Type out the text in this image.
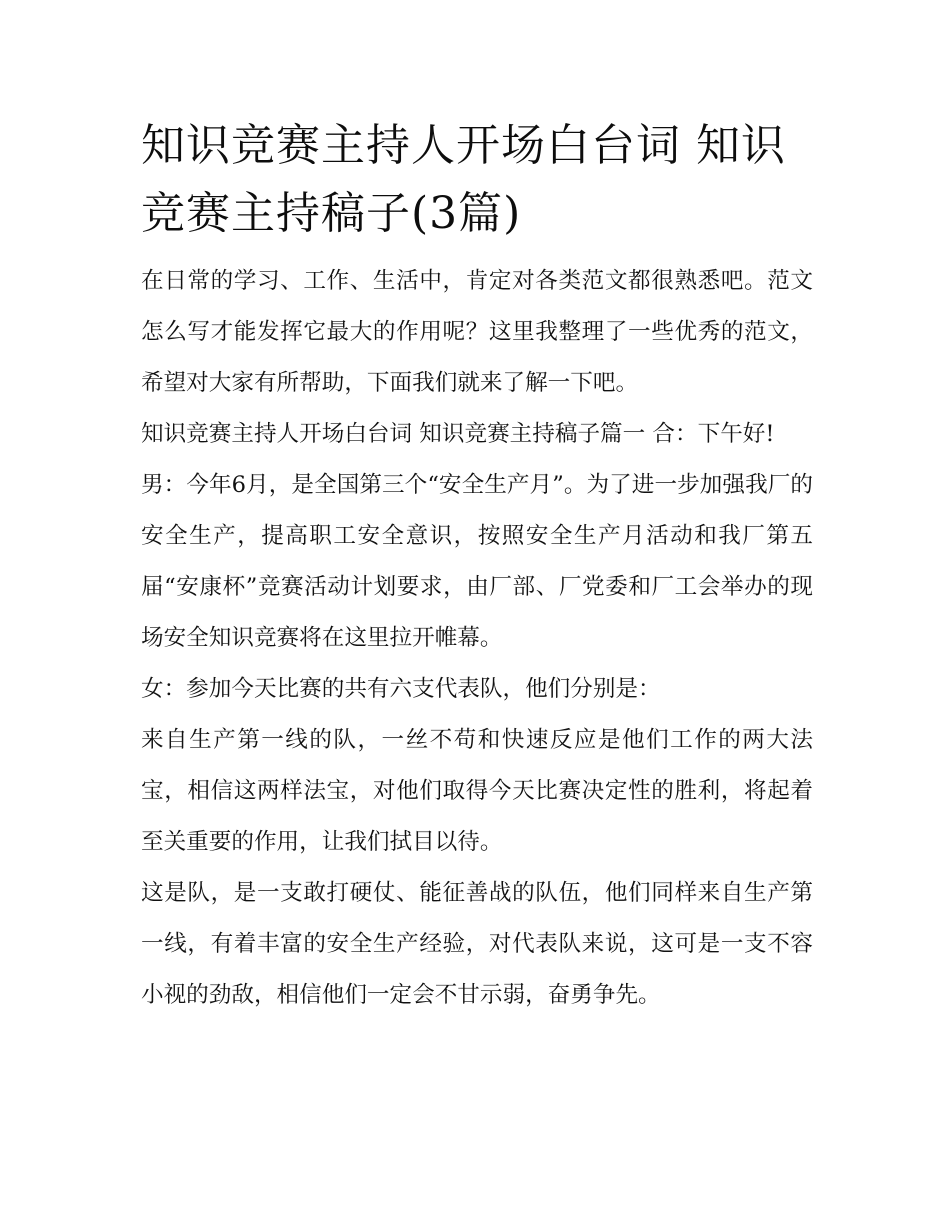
知识竞赛主持人开场白台词 知识竞赛主持稿子(3篇)

在日常的学习、工作、生活中，肯定对各类范文都很熟悉吧。范文怎么写才能发挥它最大的作用呢？这里我整理了一些优秀的范文，希望对大家有所帮助，下面我们就来了解一下吧。

知识竞赛主持人开场白台词 知识竞赛主持稿子篇一 合：下午好!

男：今年6月，是全国第三个“安全生产月”。为了进一步加强我厂的安全生产，提高职工安全意识，按照安全生产月活动和我厂第五届“安康杯”竞赛活动计划要求，由厂部、厂党委和厂工会举办的现场安全知识竞赛将在这里拉开帷幕。

女：参加今天比赛的共有六支代表队，他们分别是：

来自生产第一线的队，一丝不苟和快速反应是他们工作的两大法宝，相信这两样法宝，对他们取得今天比赛决定性的胜利，将起着至关重要的作用，让我们拭目以待。

这是队，是一支敢打硬仗、能征善战的队伍，他们同样来自生产第一线，有着丰富的安全生产经验，对代表队来说，这可是一支不容小视的劲敌，相信他们一定会不甘示弱，奋勇争先。
